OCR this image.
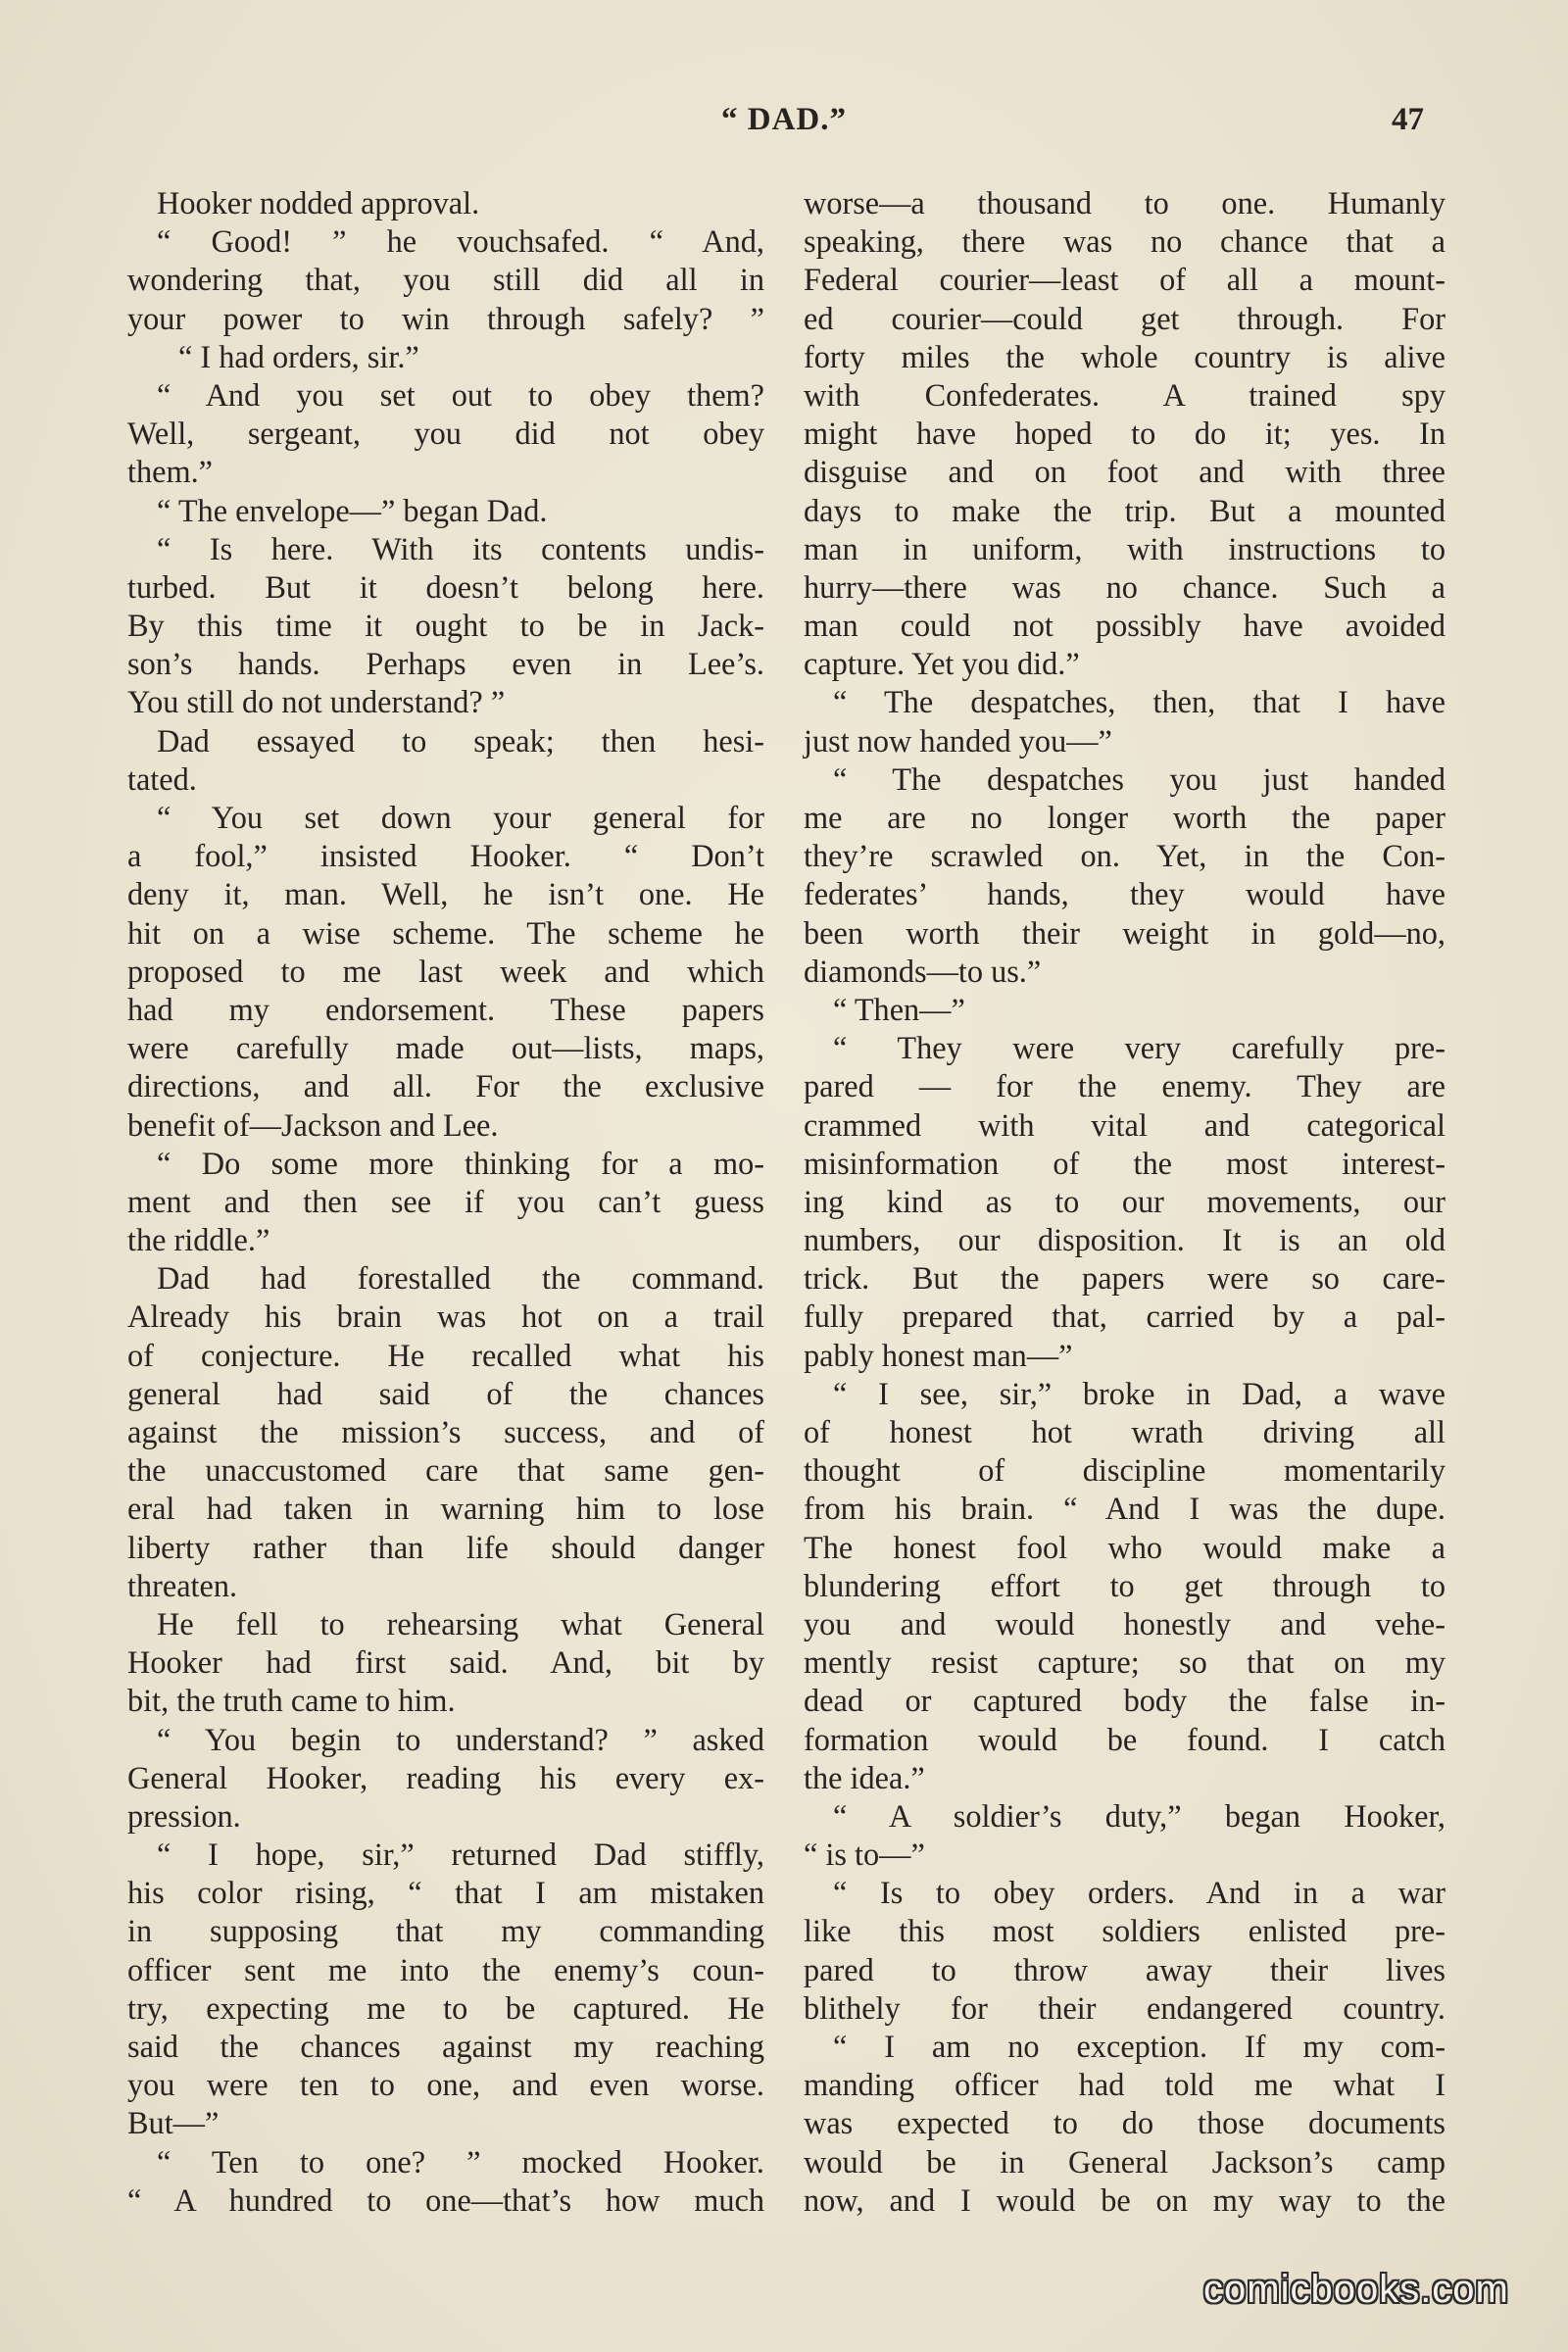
“ DAD.”	47
Hooker nodded approval.
“ Good! ” he vouchsafed. “ And,
wondering that, you still did all in
your power to win through safely? ”
“ I had orders, sir.”
“ And you set out to obey them?
Well, sergeant, you did not obey
them.”
“ The envelope—” began Dad.
“ Is here. With its contents undis-
turbed. But it doesn’t belong here.
By this time it ought to be in Jack-
son’s hands. Perhaps even in Lee’s.
You still do not understand? ”
Dad essayed to speak; then hesi-
tated.
“ You set down your general for
a fool,” insisted Hooker. “ Don’t
deny it, man. Well, he isn’t one. He
hit on a wise scheme. The scheme he
proposed to me last week and which
had my endorsement. These papers
were carefully made out—lists, maps,
directions, and all. For the exclusive
benefit of—Jackson and Lee.
“ Do some more thinking for a mo-
ment and then see if you can’t guess
the riddle.”
Dad had forestalled the command.
Already his brain was hot on a trail
of conjecture. He recalled what his
general had said of the chances
against the mission’s success, and of
the unaccustomed care that same gen-
eral had taken in warning him to lose
liberty rather than life should danger
threaten.
He fell to rehearsing what General
Hooker had first said. And, bit by
bit, the truth came to him.
“ You begin to understand? ” asked
General Hooker, reading his every ex-
pression.
“ I hope, sir,” returned Dad stiffly,
his color rising, “ that I am mistaken
in supposing that my commanding
officer sent me into the enemy’s coun-
try, expecting me to be captured. He
said the chances against my reaching
you were ten to one, and even worse.
But—”
“ Ten to one? ” mocked Hooker.
“ A hundred to one—that’s how much
worse—a thousand to one. Humanly
speaking, there was no chance that a
Federal courier—least of all a mount-
ed courier—could get through. For
forty miles the whole country is alive
with Confederates. A trained spy
might have hoped to do it; yes. In
disguise and on foot and with three
days to make the trip. But a mounted
man in uniform, with instructions to
hurry—there was no chance. Such a
man could not possibly have avoided
capture. Yet you did.”
“ The despatches, then, that I have
just now handed you—”
“ The despatches you just handed
me are no longer worth the paper
they’re scrawled on. Yet, in the Con-
federates’ hands, they would have
been worth their weight in gold—no,
diamonds—to us.”
“ Then—”
“ They were very carefully pre-
pared — for the enemy. They are
crammed with vital and categorical
misinformation of the most interest-
ing kind as to our movements, our
numbers, our disposition. It is an old
trick. But the papers were so care-
fully prepared that, carried by a pal-
pably honest man—”
“ I see, sir,” broke in Dad, a wave
of honest hot wrath driving all
thought of discipline momentarily
from his brain. “ And I was the dupe.
The honest fool who would make a
blundering effort to get through to
you and would honestly and vehe-
mently resist capture; so that on my
dead or captured body the false in-
formation would be found. I catch
the idea.”
“ A soldier’s duty,” began Hooker,
“ is to—”
“ Is to obey orders. And in a war
like this most soldiers enlisted pre-
pared to throw away their lives
blithely for their endangered country.
“ I am no exception. If my com-
manding officer had told me what I
was expected to do those documents
would be in General Jackson’s camp
now, and I would be on my way to the
comicbooks.com
